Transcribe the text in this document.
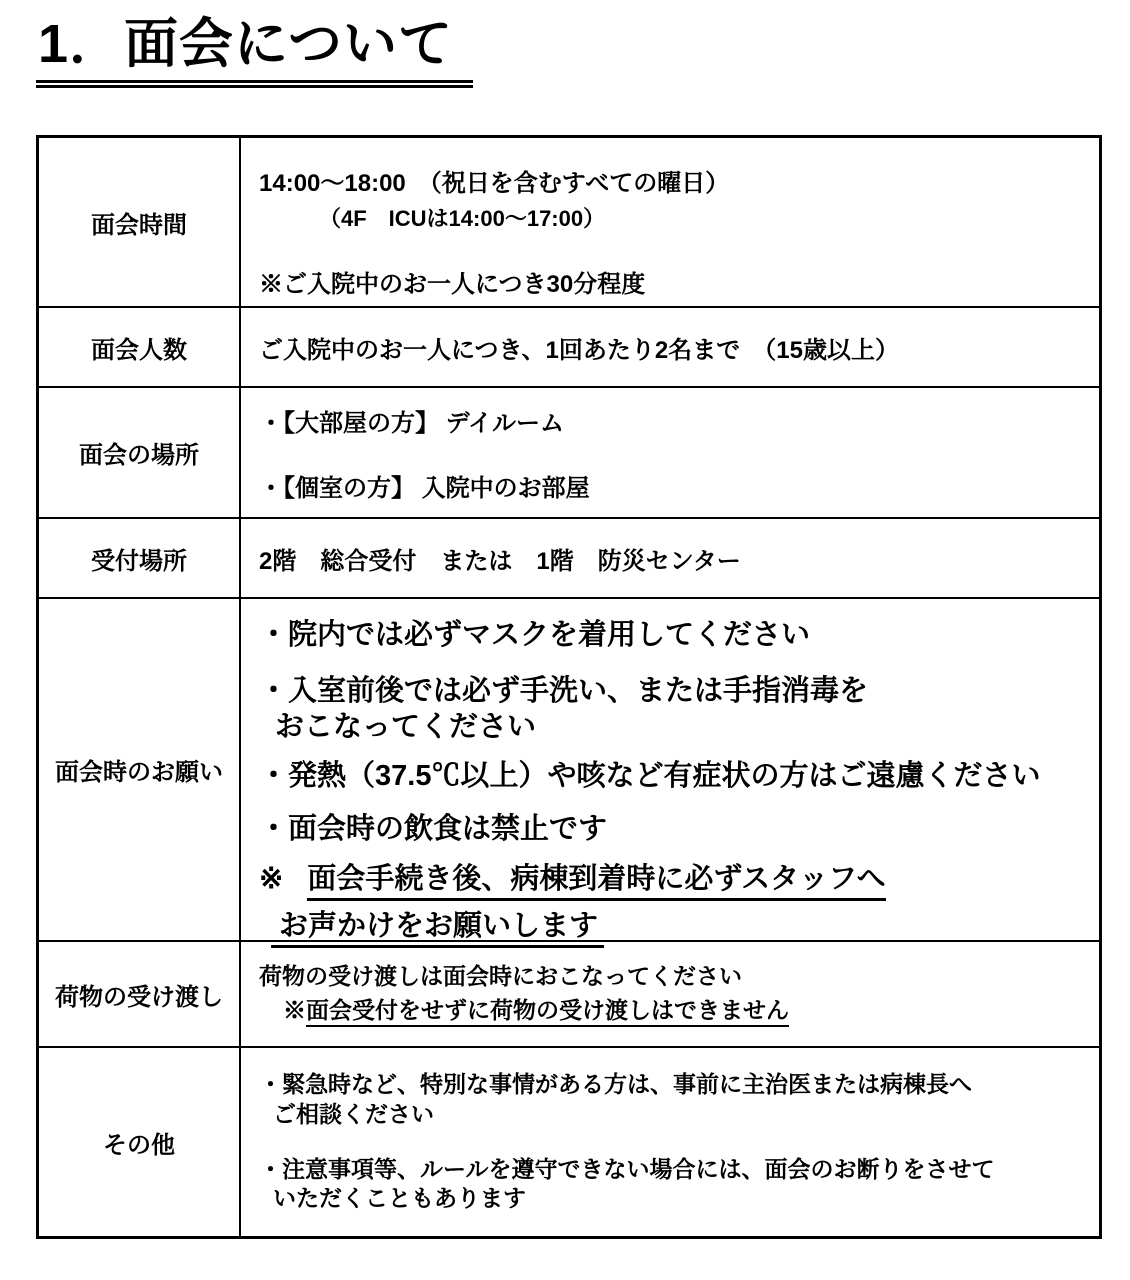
1．面会について
面会時間
14:00～18:00　（祝日を含むすべての曜日）
（4F　ICUは14:00～17:00）
※ご入院中のお一人につき30分程度
面会人数	ご入院中のお一人につき、1回あたり2名まで　（15歳以上）
面会の場所
・【大部屋の方】 デイルーム
・【個室の方】 入院中のお部屋
受付場所	2階　総合受付　または　1階　防災センター
面会時のお願い
・院内では必ずマスクを着用してください
・入室前後では必ず手洗い、または手指消毒を
おこなってください
・発熱（37.5℃以上）や咳など有症状の方はご遠慮ください
・面会時の飲食は禁止です
※ 面会手続き後、病棟到着時に必ずスタッフへ
お声かけをお願いします
荷物の受け渡し
荷物の受け渡しは面会時におこなってください
※面会受付をせずに荷物の受け渡しはできません
その他
・緊急時など、特別な事情がある方は、事前に主治医または病棟長へ
ご相談ください
・注意事項等、ルールを遵守できない場合には、面会のお断りをさせて
いただくこともあります
